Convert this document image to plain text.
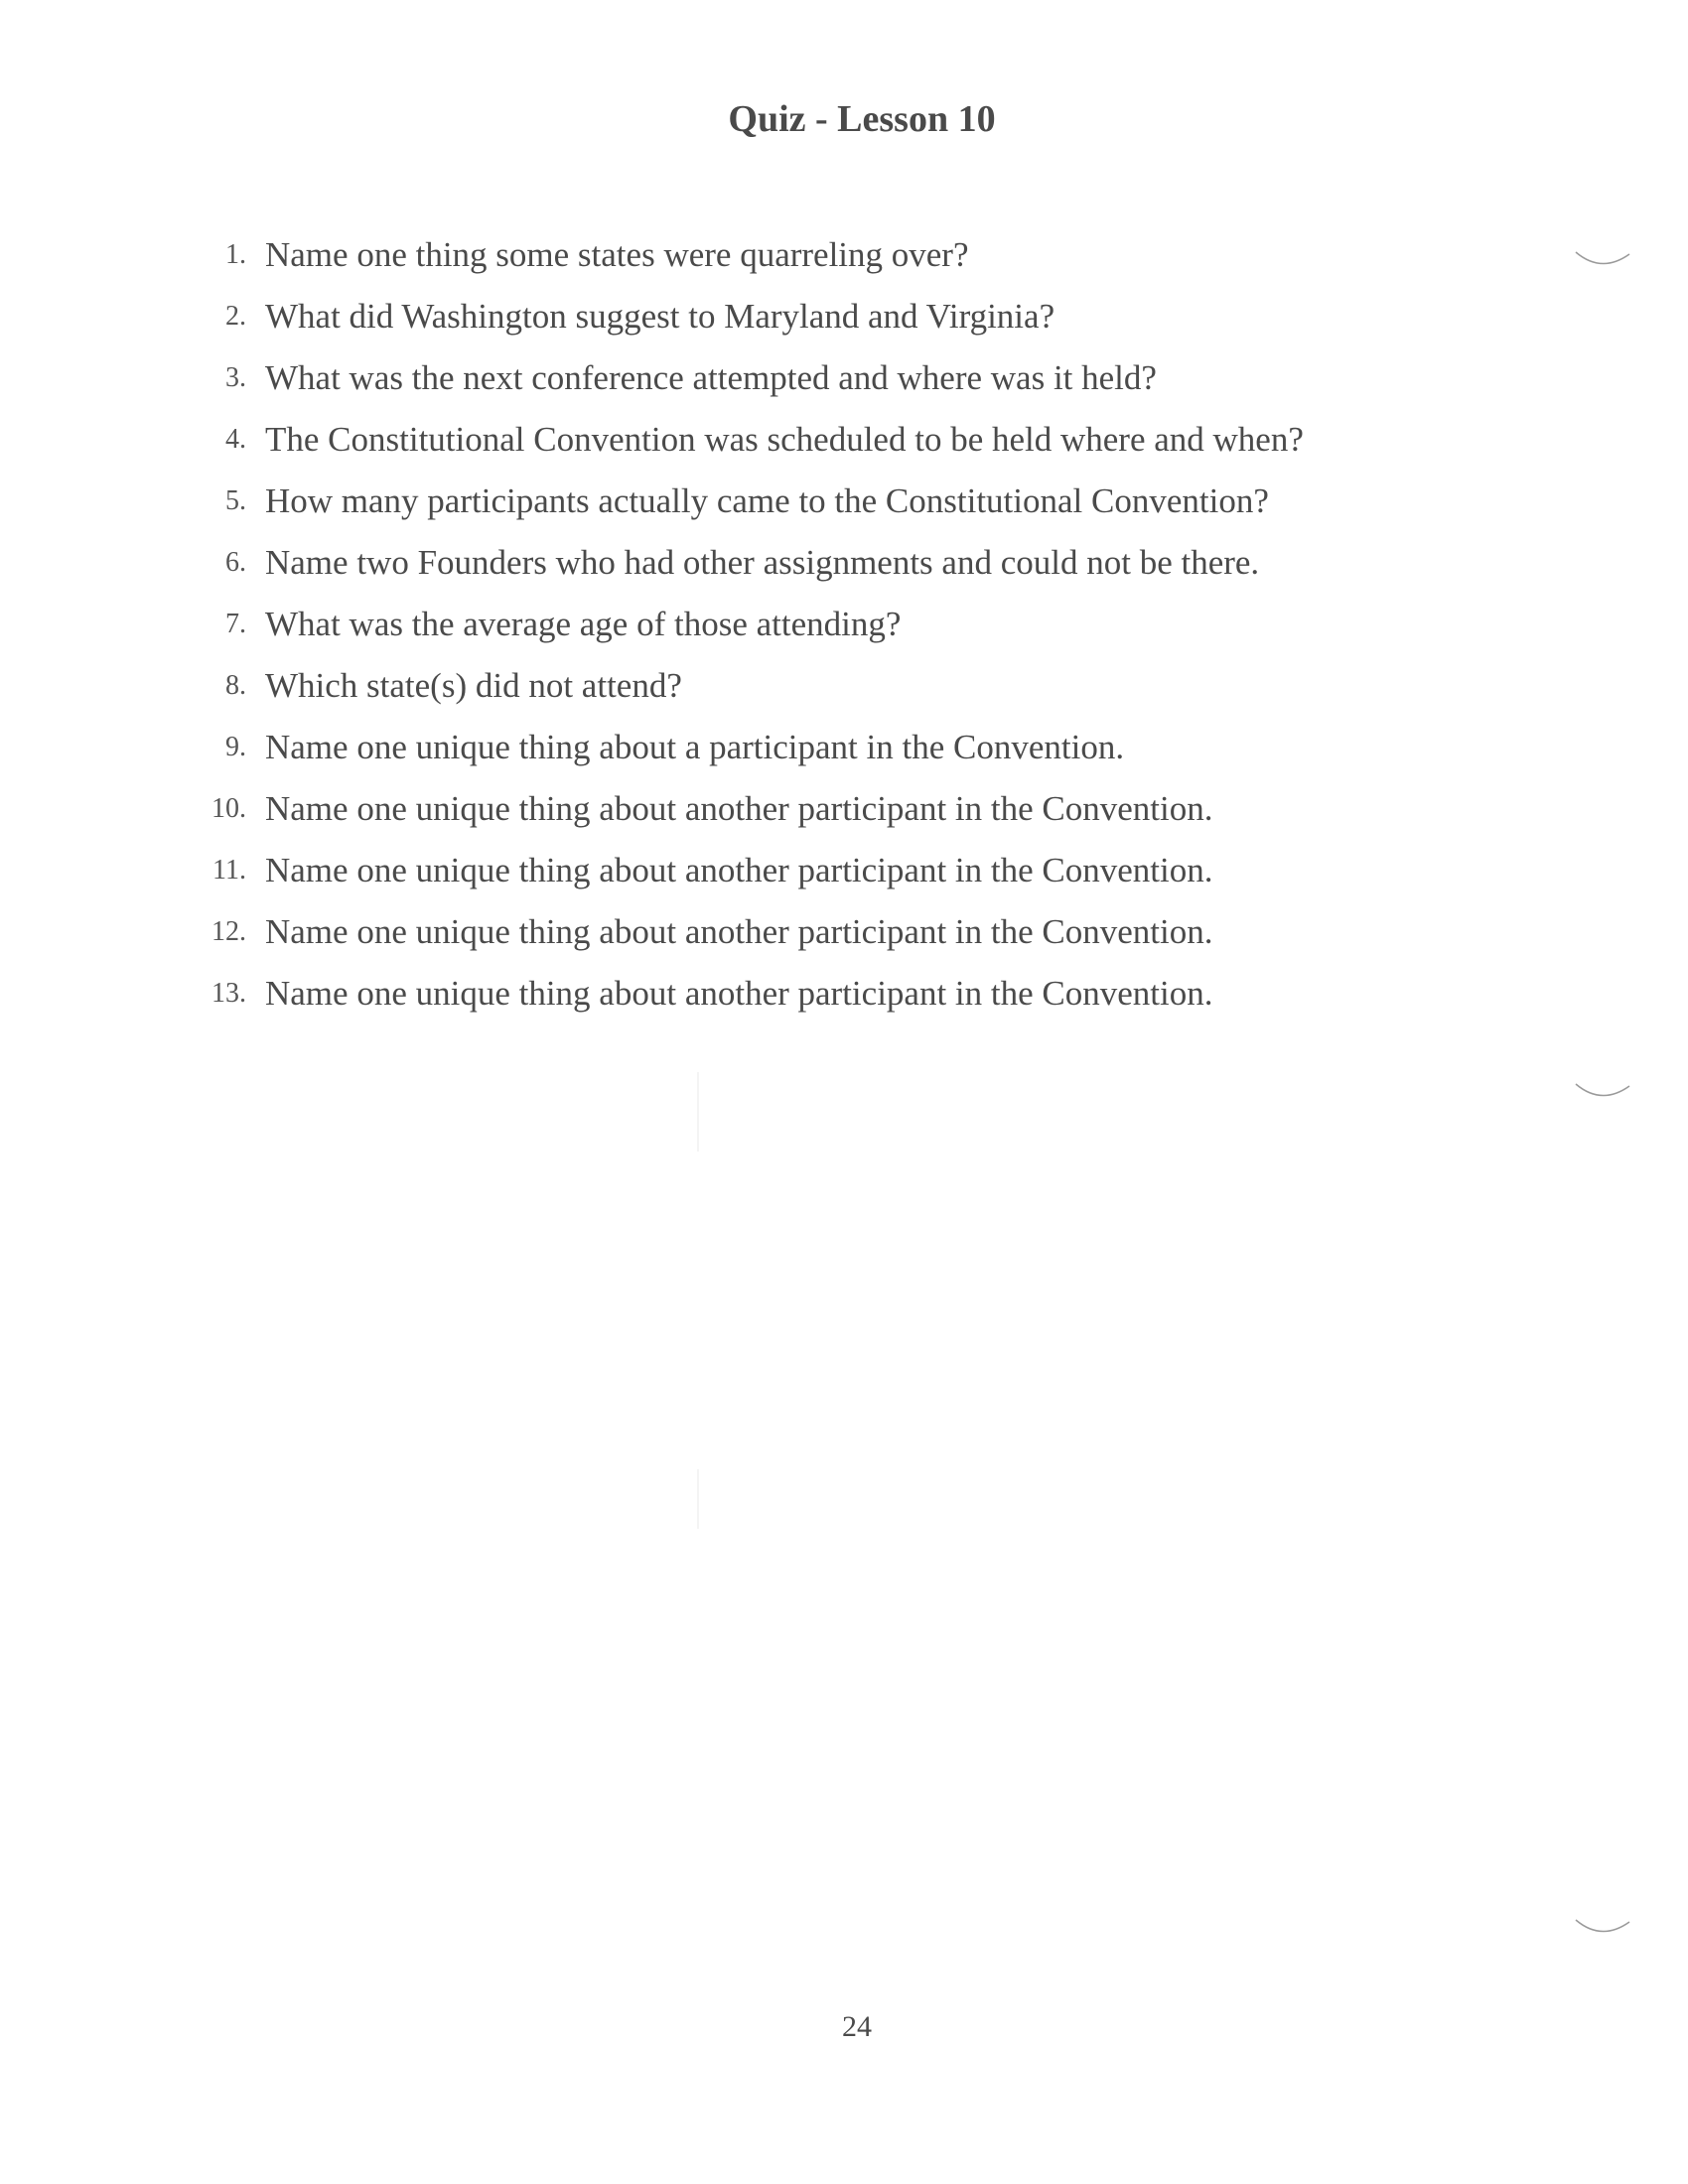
Quiz - Lesson 10
1. Name one thing some states were quarreling over?
2. What did Washington suggest to Maryland and Virginia?
3. What was the next conference attempted and where was it held?
4. The Constitutional Convention was scheduled to be held where and when?
5. How many participants actually came to the Constitutional Convention?
6. Name two Founders who had other assignments and could not be there.
7. What was the average age of those attending?
8. Which state(s) did not attend?
9. Name one unique thing about a participant in the Convention.
10. Name one unique thing about another participant in the Convention.
11. Name one unique thing about another participant in the Convention.
12. Name one unique thing about another participant in the Convention.
13. Name one unique thing about another participant in the Convention.
24
